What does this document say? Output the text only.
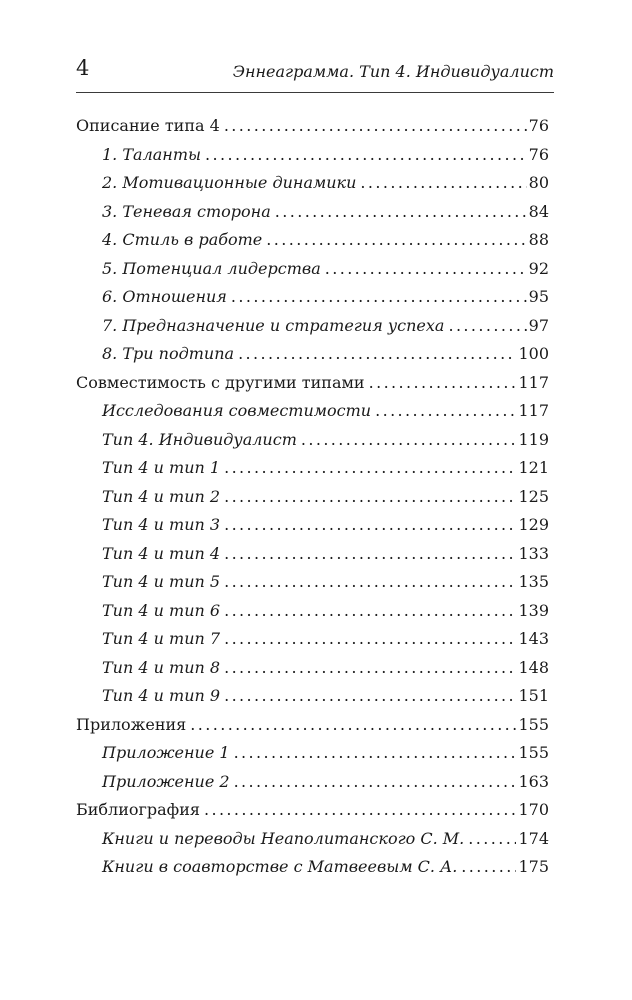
4	Эннеаграмма. Тип 4. Индивидуалист
Описание типа 4 .....	76
1. Таланты .....	76
2. Мотивационные динамики .....	80
3. Теневая сторона .....	84
4. Стиль в работе .....	88
5. Потенциал лидерства .....	92
6. Отношения .....	95
7. Предназначение и стратегия успеха .....	97
8. Три подтипа .....	100
Совместимость с другими типами .....	117
Исследования совместимости .....	117
Тип 4. Индивидуалист .....	119
Тип 4 и тип 1 .....	121
Тип 4 и тип 2 .....	125
Тип 4 и тип 3 .....	129
Тип 4 и тип 4 .....	133
Тип 4 и тип 5 .....	135
Тип 4 и тип 6 .....	139
Тип 4 и тип 7 .....	143
Тип 4 и тип 8 .....	148
Тип 4 и тип 9 .....	151
Приложения .....	155
Приложение 1 .....	155
Приложение 2 .....	163
Библиография .....	170
Книги и переводы Неаполитанского С. М. .....	174
Книги в соавторстве с Матвеевым С. А. .....	175
